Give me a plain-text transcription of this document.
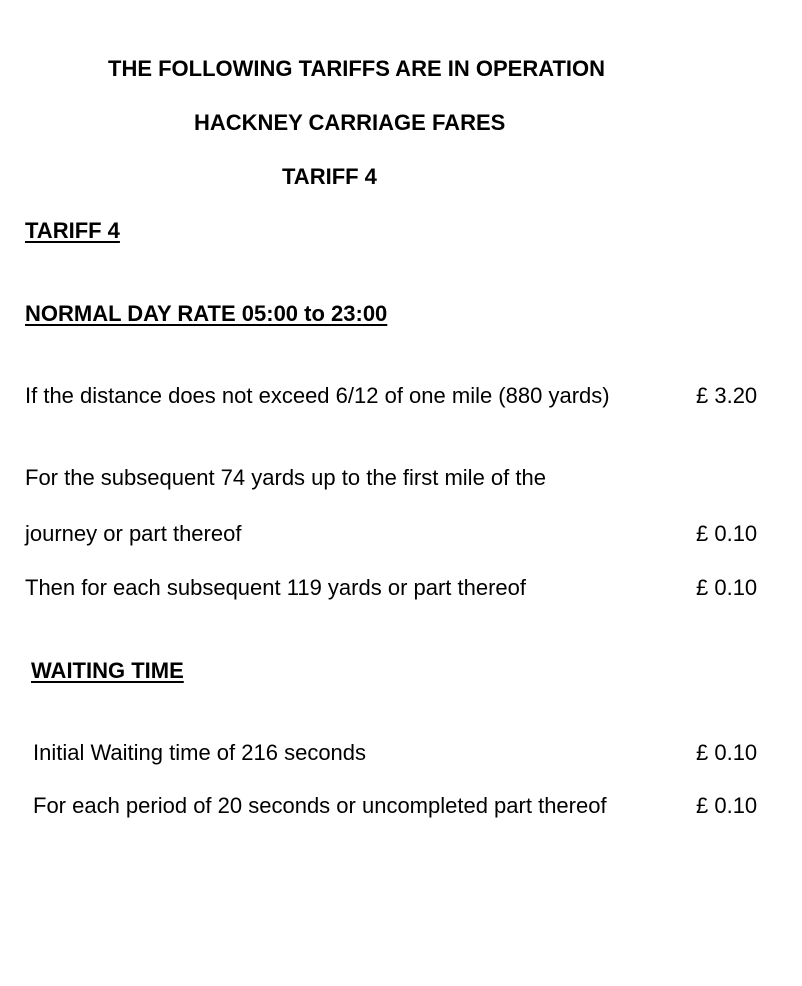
THE FOLLOWING TARIFFS ARE IN OPERATION
HACKNEY CARRIAGE FARES
TARIFF 4
TARIFF 4
NORMAL DAY RATE 05:00 to 23:00
If the distance does not exceed 6/12 of one mile (880 yards)	£ 3.20
For the subsequent 74 yards up to the first mile of the
journey or part thereof	£ 0.10
Then for each subsequent 119 yards or part thereof	£ 0.10
WAITING TIME
Initial Waiting time of 216 seconds	£ 0.10
For each period of 20 seconds or uncompleted part thereof	£ 0.10
